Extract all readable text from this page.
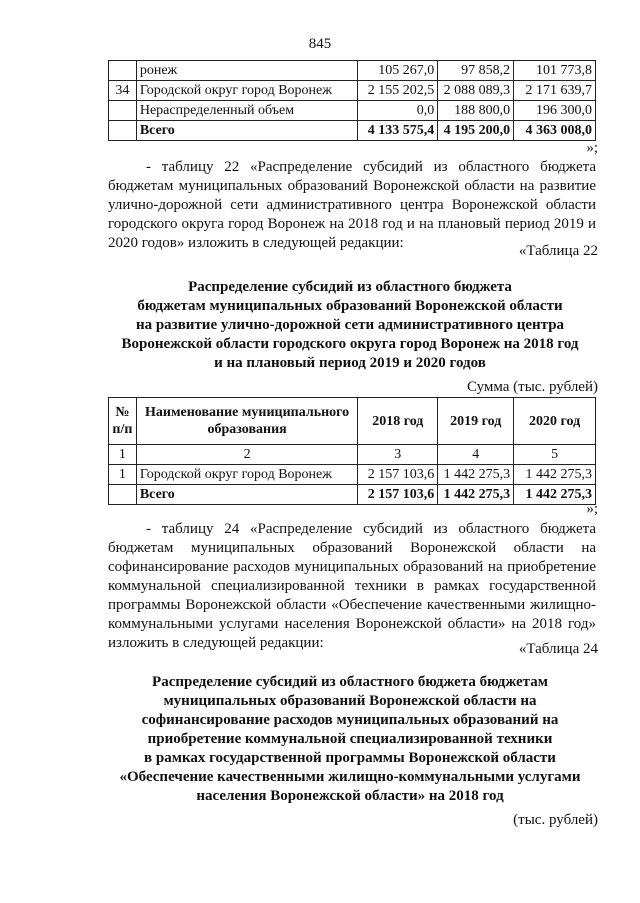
845
	ронеж	105 267,0	97 858,2	101 773,8
34	Городской округ город Воронеж	2 155 202,5	2 088 089,3	2 171 639,7
	Нераспределенный объем	0,0	188 800,0	196 300,0
	Всего	4 133 575,4	4 195 200,0	4 363 008,0
»;

- таблицу 22 «Распределение субсидий из областного бюджета бюджетам муниципальных образований Воронежской области на развитие улично-дорожной сети административного центра Воронежской области городского округа город Воронеж на 2018 год и на плановый период 2019 и 2020 годов» изложить в следующей редакции:	«Таблица 22
Распределение субсидий из областного бюджета
бюджетам муниципальных образований Воронежской области
на развитие улично-дорожной сети административного центра
Воронежской области городского округа город Воронеж на 2018 год
и на плановый период 2019 и 2020 годов
Сумма (тыс. рублей)
№ п/п	Наименование муниципального образования	2018 год	2019 год	2020 год
1	2	3	4	5
1	Городской округ город Воронеж	2 157 103,6	1 442 275,3	1 442 275,3
	Всего	2 157 103,6	1 442 275,3	1 442 275,3
»;

- таблицу 24 «Распределение субсидий из областного бюджета бюджетам муниципальных образований Воронежской области на софинансирование расходов муниципальных образований на приобретение коммунальной специализированной техники в рамках государственной программы Воронежской области «Обеспечение качественными жилищно-коммунальными услугами населения Воронежской области» на 2018 год» изложить в следующей редакции:	«Таблица 24
Распределение субсидий из областного бюджета бюджетам
муниципальных образований Воронежской области на
софинансирование расходов муниципальных образований на
приобретение коммунальной специализированной техники
в рамках государственной программы Воронежской области
«Обеспечение качественными жилищно-коммунальными услугами
населения Воронежской области» на 2018 год
(тыс. рублей)
